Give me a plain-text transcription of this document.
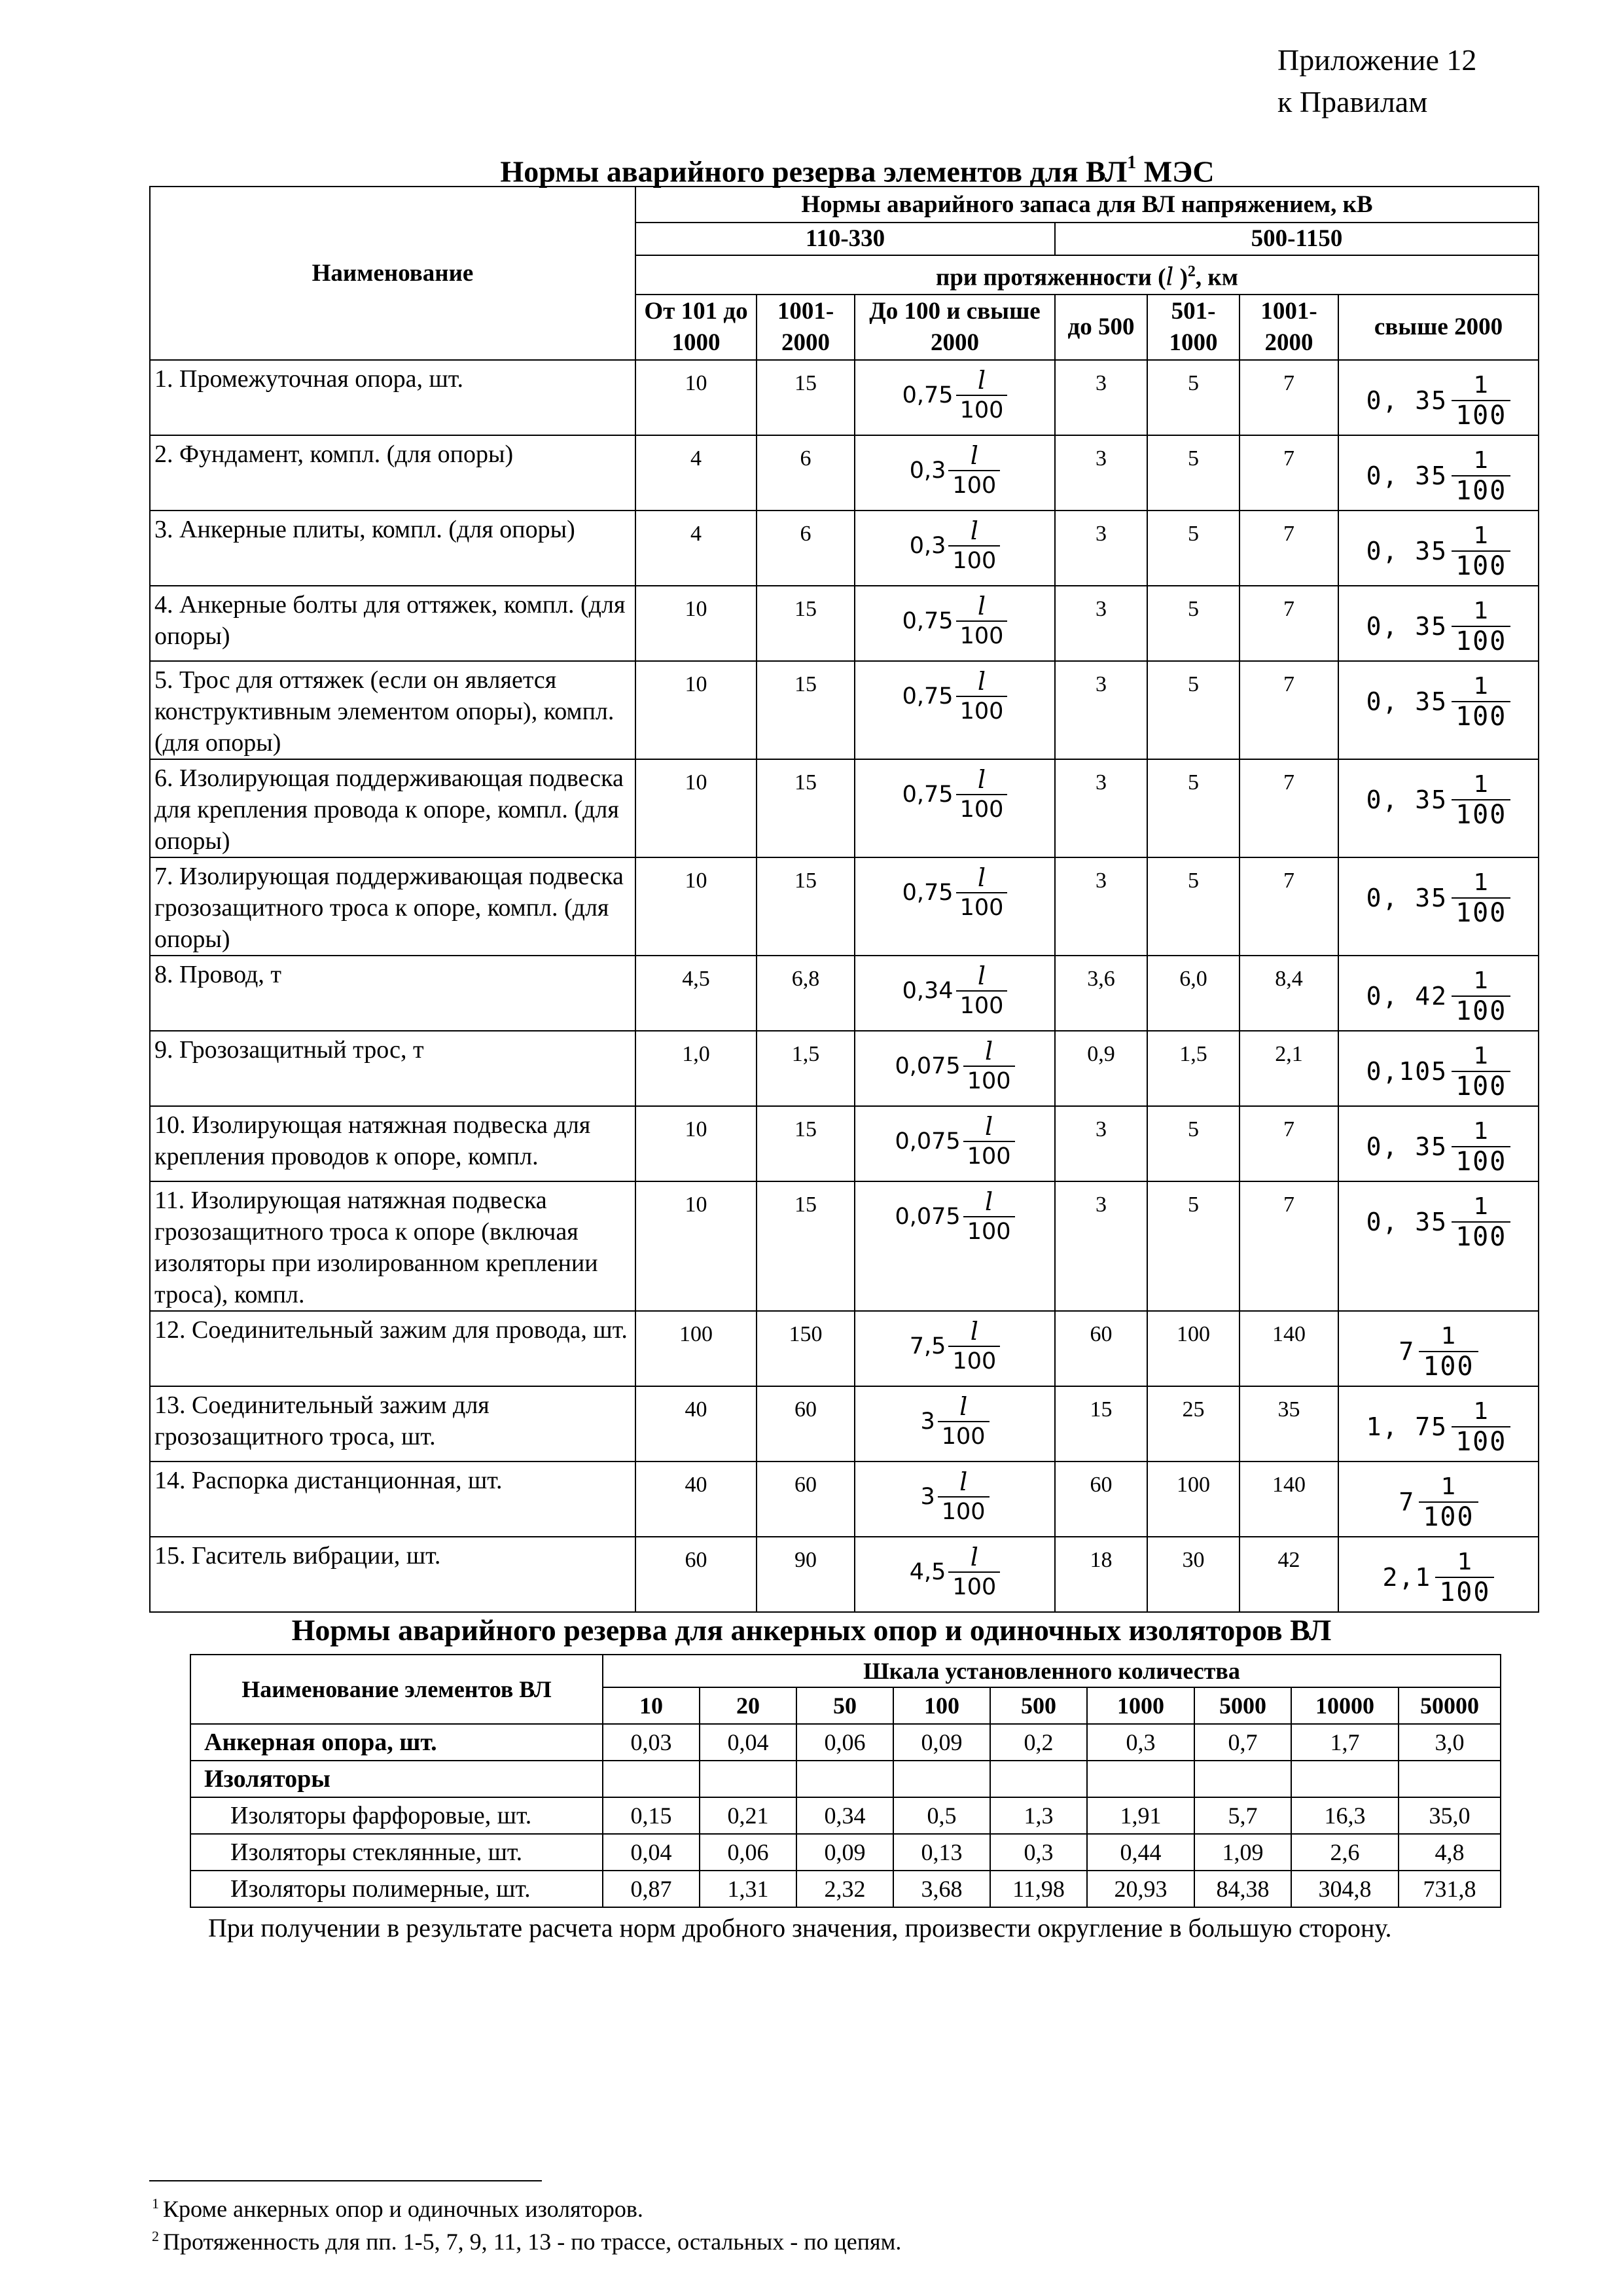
Приложение 12
к Правилам
Нормы аварийного резерва элементов для $ВЛ^1$ МЭС
Наименование	Нормы аварийного запаса для ВЛ напряжением, кВ						
	110-330			500-1150			
	при протяженности (l )$^2$, км						
	От 101 до 1000	1001-2000	До 100 и свыше 2000	до 500	501-1000	1001-2000	свыше 2000
1. Промежуточная опора, шт.	10	15	$0,75 \frac{l}{100}$	3	5	7	0, $35 \frac{1}{100}$

2. Фундамент, компл. (для опоры)	4	6	$0,3 \frac{l}{100}$	3	5	7	0, $35 \frac{1}{100}$

3. Анкерные плиты, компл. (для опоры)	4	6	$0,3 \frac{l}{100}$	3	5	7	0, $35 \frac{1}{100}$

4. Анкерные болты для оттяжек, компл. (для опоры)	10	15	$0,75 \frac{l}{100}$	3	5	7	0, $35 \frac{1}{100}$

5. Трос для оттяжек (если он является конструктивным элементом опоры), компл. (для опоры)	10	15	$0,75 \frac{l}{100}$	3	5	7	0, $35 \frac{1}{100}$

6. Изолирующая поддерживающая подвеска для крепления провода к опоре, компл. (для опоры)	10	15	$0,75 \frac{l}{100}$	3	5	7	0, $35 \frac{1}{100}$

7. Изолирующая поддерживающая подвеска грозозащитного троса к опоре, компл. (для опоры)	10	15	$0,75 \frac{l}{100}$	3	5	7	0, $35 \frac{1}{100}$

8. Провод, т	4,5	6,8	$0,34 \frac{l}{100}$	3,6	6,0	8,4	0, $42 \frac{1}{100}$

9. Грозозащитный трос, т	1,0	1,5	$0,075 \frac{l}{100}$	0,9	1,5	2,1	$0,105 \frac{1}{100}$

10. Изолирующая натяжная подвеска для крепления проводов к опоре, компл.	10	15	$0,075 \frac{l}{100}$	3	5	7	0, $35 \frac{1}{100}$

11. Изолирующая натяжная подвеска грозозащитного троса к опоре (включая изоляторы при изолированном креплении троса), компл.	10	15	$0,075 \frac{l}{100}$	3	5	7	0, $35 \frac{1}{100}$

12. Соединительный зажим для провода, шт.	100	150	$7,5 \frac{l}{100}$	60	100	140	$7 \frac{1}{100}$

13. Соединительный зажим для грозозащитного троса, шт.	40	60	$3 \frac{l}{100}$	15	25	35	1, $75 \frac{1}{100}$

14. Распорка дистанционная, шт.	40	60	$3 \frac{l}{100}$	60	100	140	$7 \frac{1}{100}$

15. Гаситель вибрации, шт.	60	90	$4,5 \frac{l}{100}$	18	30	42	$2,1 \frac{1}{100}$
Нормы аварийного резерва для анкерных опор и одиночных изоляторов ВЛ
Наименование элементов ВЛ	Шкала установленного количества								
	10	20	50	100	500	1000	5000	10000	50000
Анкерная опора, шт.	0,03	0,04	0,06	0,09	0,2	0,3	0,7	1,7	3,0
Изоляторы									
Изоляторы фарфоровые, шт.	0,15	0,21	0,34	0,5	1,3	1,91	5,7	16,3	35,0
Изоляторы стеклянные, шт.	0,04	0,06	0,09	0,13	0,3	0,44	1,09	2,6	4,8
Изоляторы полимерные, шт.	0,87	1,31	2,32	3,68	11,98	20,93	84,38	304,8	731,8
При получении в результате расчета норм дробного значения, произвести округление в большую сторону.
$^1$ Кроме анкерных опор и одиночных изоляторов.
$^2$ Протяженность для пп. 1-5, 7, 9, 11, 13 - по трассе, остальных - по цепям.
